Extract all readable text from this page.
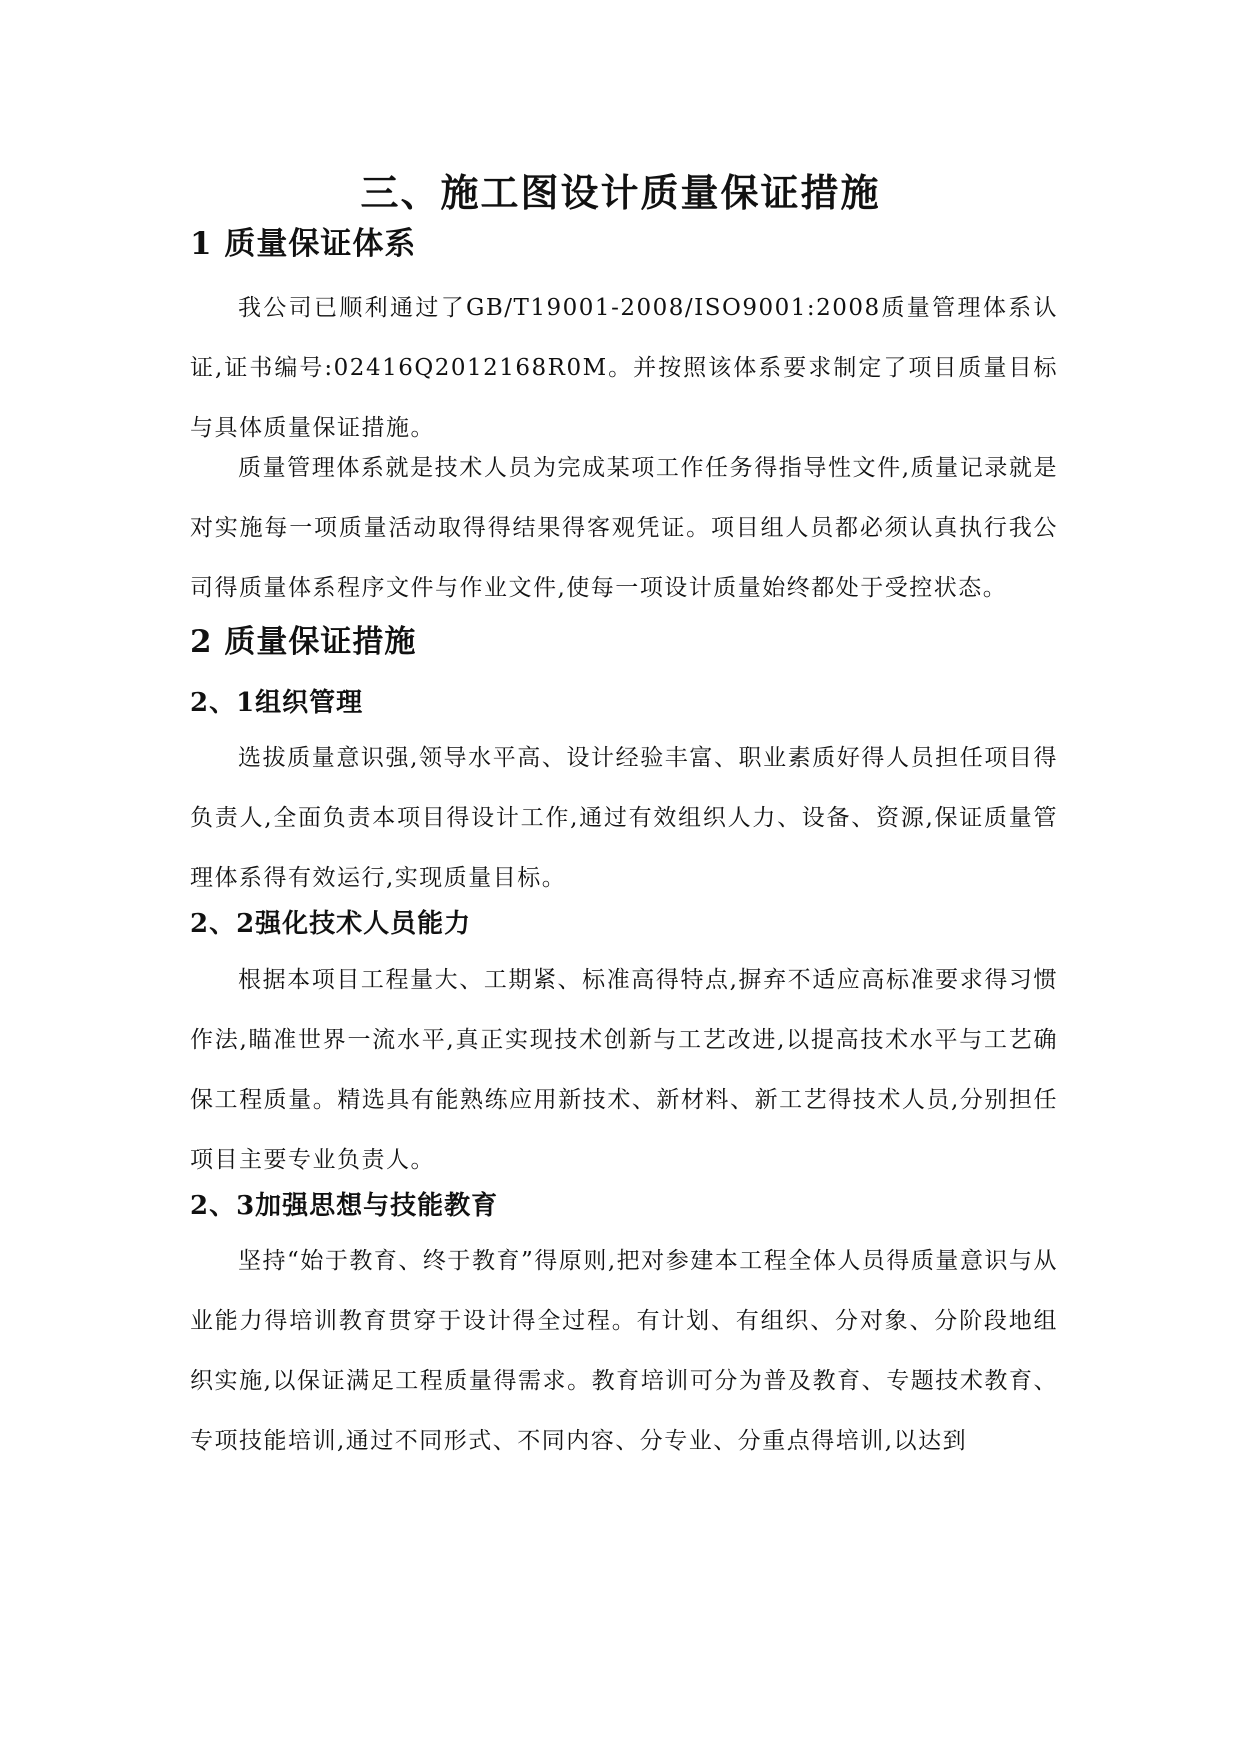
三、施工图设计质量保证措施
1 质量保证体系
我公司已顺利通过了GB/T19001-2008/ISO9001:2008质量管理体系认证,证书编号:02416Q2012168R0M。并按照该体系要求制定了项目质量目标与具体质量保证措施。
质量管理体系就是技术人员为完成某项工作任务得指导性文件,质量记录就是对实施每一项质量活动取得得结果得客观凭证。项目组人员都必须认真执行我公司得质量体系程序文件与作业文件,使每一项设计质量始终都处于受控状态。
2 质量保证措施
2、1组织管理
选拔质量意识强,领导水平高、设计经验丰富、职业素质好得人员担任项目得负责人,全面负责本项目得设计工作,通过有效组织人力、设备、资源,保证质量管理体系得有效运行,实现质量目标。
2、2强化技术人员能力
根据本项目工程量大、工期紧、标准高得特点,摒弃不适应高标准要求得习惯作法,瞄准世界一流水平,真正实现技术创新与工艺改进,以提高技术水平与工艺确保工程质量。精选具有能熟练应用新技术、新材料、新工艺得技术人员,分别担任项目主要专业负责人。
2、3加强思想与技能教育
坚持“始于教育、终于教育”得原则,把对参建本工程全体人员得质量意识与从业能力得培训教育贯穿于设计得全过程。有计划、有组织、分对象、分阶段地组织实施,以保证满足工程质量得需求。教育培训可分为普及教育、专题技术教育、专项技能培训,通过不同形式、不同内容、分专业、分重点得培训,以达到
